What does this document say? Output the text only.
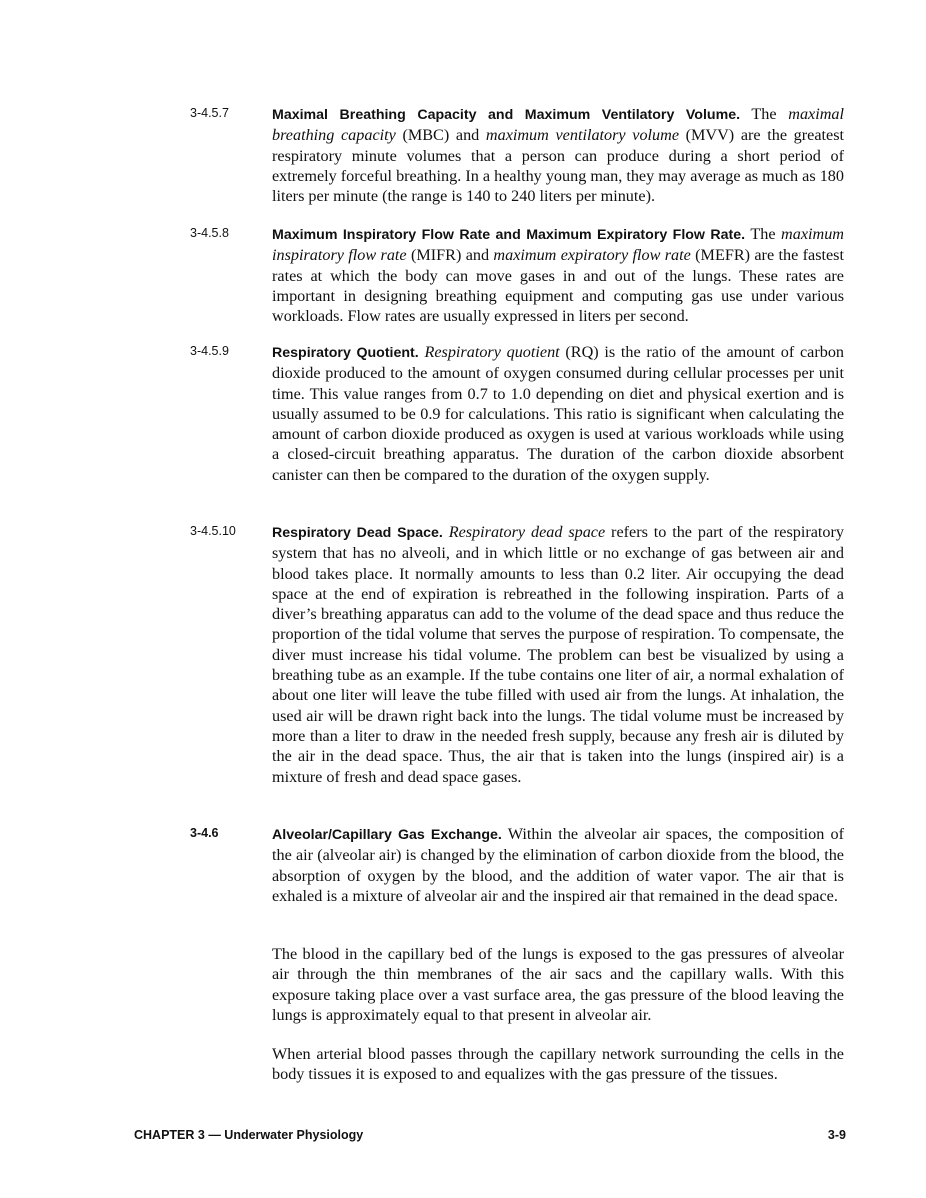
3-4.5.7	Maximal Breathing Capacity and Maximum Ventilatory Volume. The maximal breathing capacity (MBC) and maximum ventilatory volume (MVV) are the greatest respiratory minute volumes that a person can produce during a short period of extremely forceful breathing. In a healthy young man, they may average as much as 180 liters per minute (the range is 140 to 240 liters per minute).
3-4.5.8	Maximum Inspiratory Flow Rate and Maximum Expiratory Flow Rate. The maximum inspiratory flow rate (MIFR) and maximum expiratory flow rate (MEFR) are the fastest rates at which the body can move gases in and out of the lungs. These rates are important in designing breathing equipment and computing gas use under various workloads. Flow rates are usually expressed in liters per second.
3-4.5.9	Respiratory Quotient. Respiratory quotient (RQ) is the ratio of the amount of carbon dioxide produced to the amount of oxygen consumed during cellular processes per unit time. This value ranges from 0.7 to 1.0 depending on diet and physical exertion and is usually assumed to be 0.9 for calculations. This ratio is significant when calculating the amount of carbon dioxide produced as oxygen is used at various workloads while using a closed-circuit breathing apparatus. The duration of the carbon dioxide absorbent canister can then be compared to the duration of the oxygen supply.
3-4.5.10	Respiratory Dead Space. Respiratory dead space refers to the part of the respiratory system that has no alveoli, and in which little or no exchange of gas between air and blood takes place. It normally amounts to less than 0.2 liter. Air occupying the dead space at the end of expiration is rebreathed in the following inspiration. Parts of a diver’s breathing apparatus can add to the volume of the dead space and thus reduce the proportion of the tidal volume that serves the purpose of respiration. To compensate, the diver must increase his tidal volume. The problem can best be visualized by using a breathing tube as an example. If the tube contains one liter of air, a normal exhalation of about one liter will leave the tube filled with used air from the lungs. At inhalation, the used air will be drawn right back into the lungs. The tidal volume must be increased by more than a liter to draw in the needed fresh supply, because any fresh air is diluted by the air in the dead space. Thus, the air that is taken into the lungs (inspired air) is a mixture of fresh and dead space gases.
3-4.6	Alveolar/Capillary Gas Exchange. Within the alveolar air spaces, the composition of the air (alveolar air) is changed by the elimination of carbon dioxide from the blood, the absorption of oxygen by the blood, and the addition of water vapor. The air that is exhaled is a mixture of alveolar air and the inspired air that remained in the dead space.
The blood in the capillary bed of the lungs is exposed to the gas pressures of alveolar air through the thin membranes of the air sacs and the capillary walls. With this exposure taking place over a vast surface area, the gas pressure of the blood leaving the lungs is approximately equal to that present in alveolar air.
When arterial blood passes through the capillary network surrounding the cells in the body tissues it is exposed to and equalizes with the gas pressure of the tissues.
CHAPTER 3 — Underwater Physiology	3-9
